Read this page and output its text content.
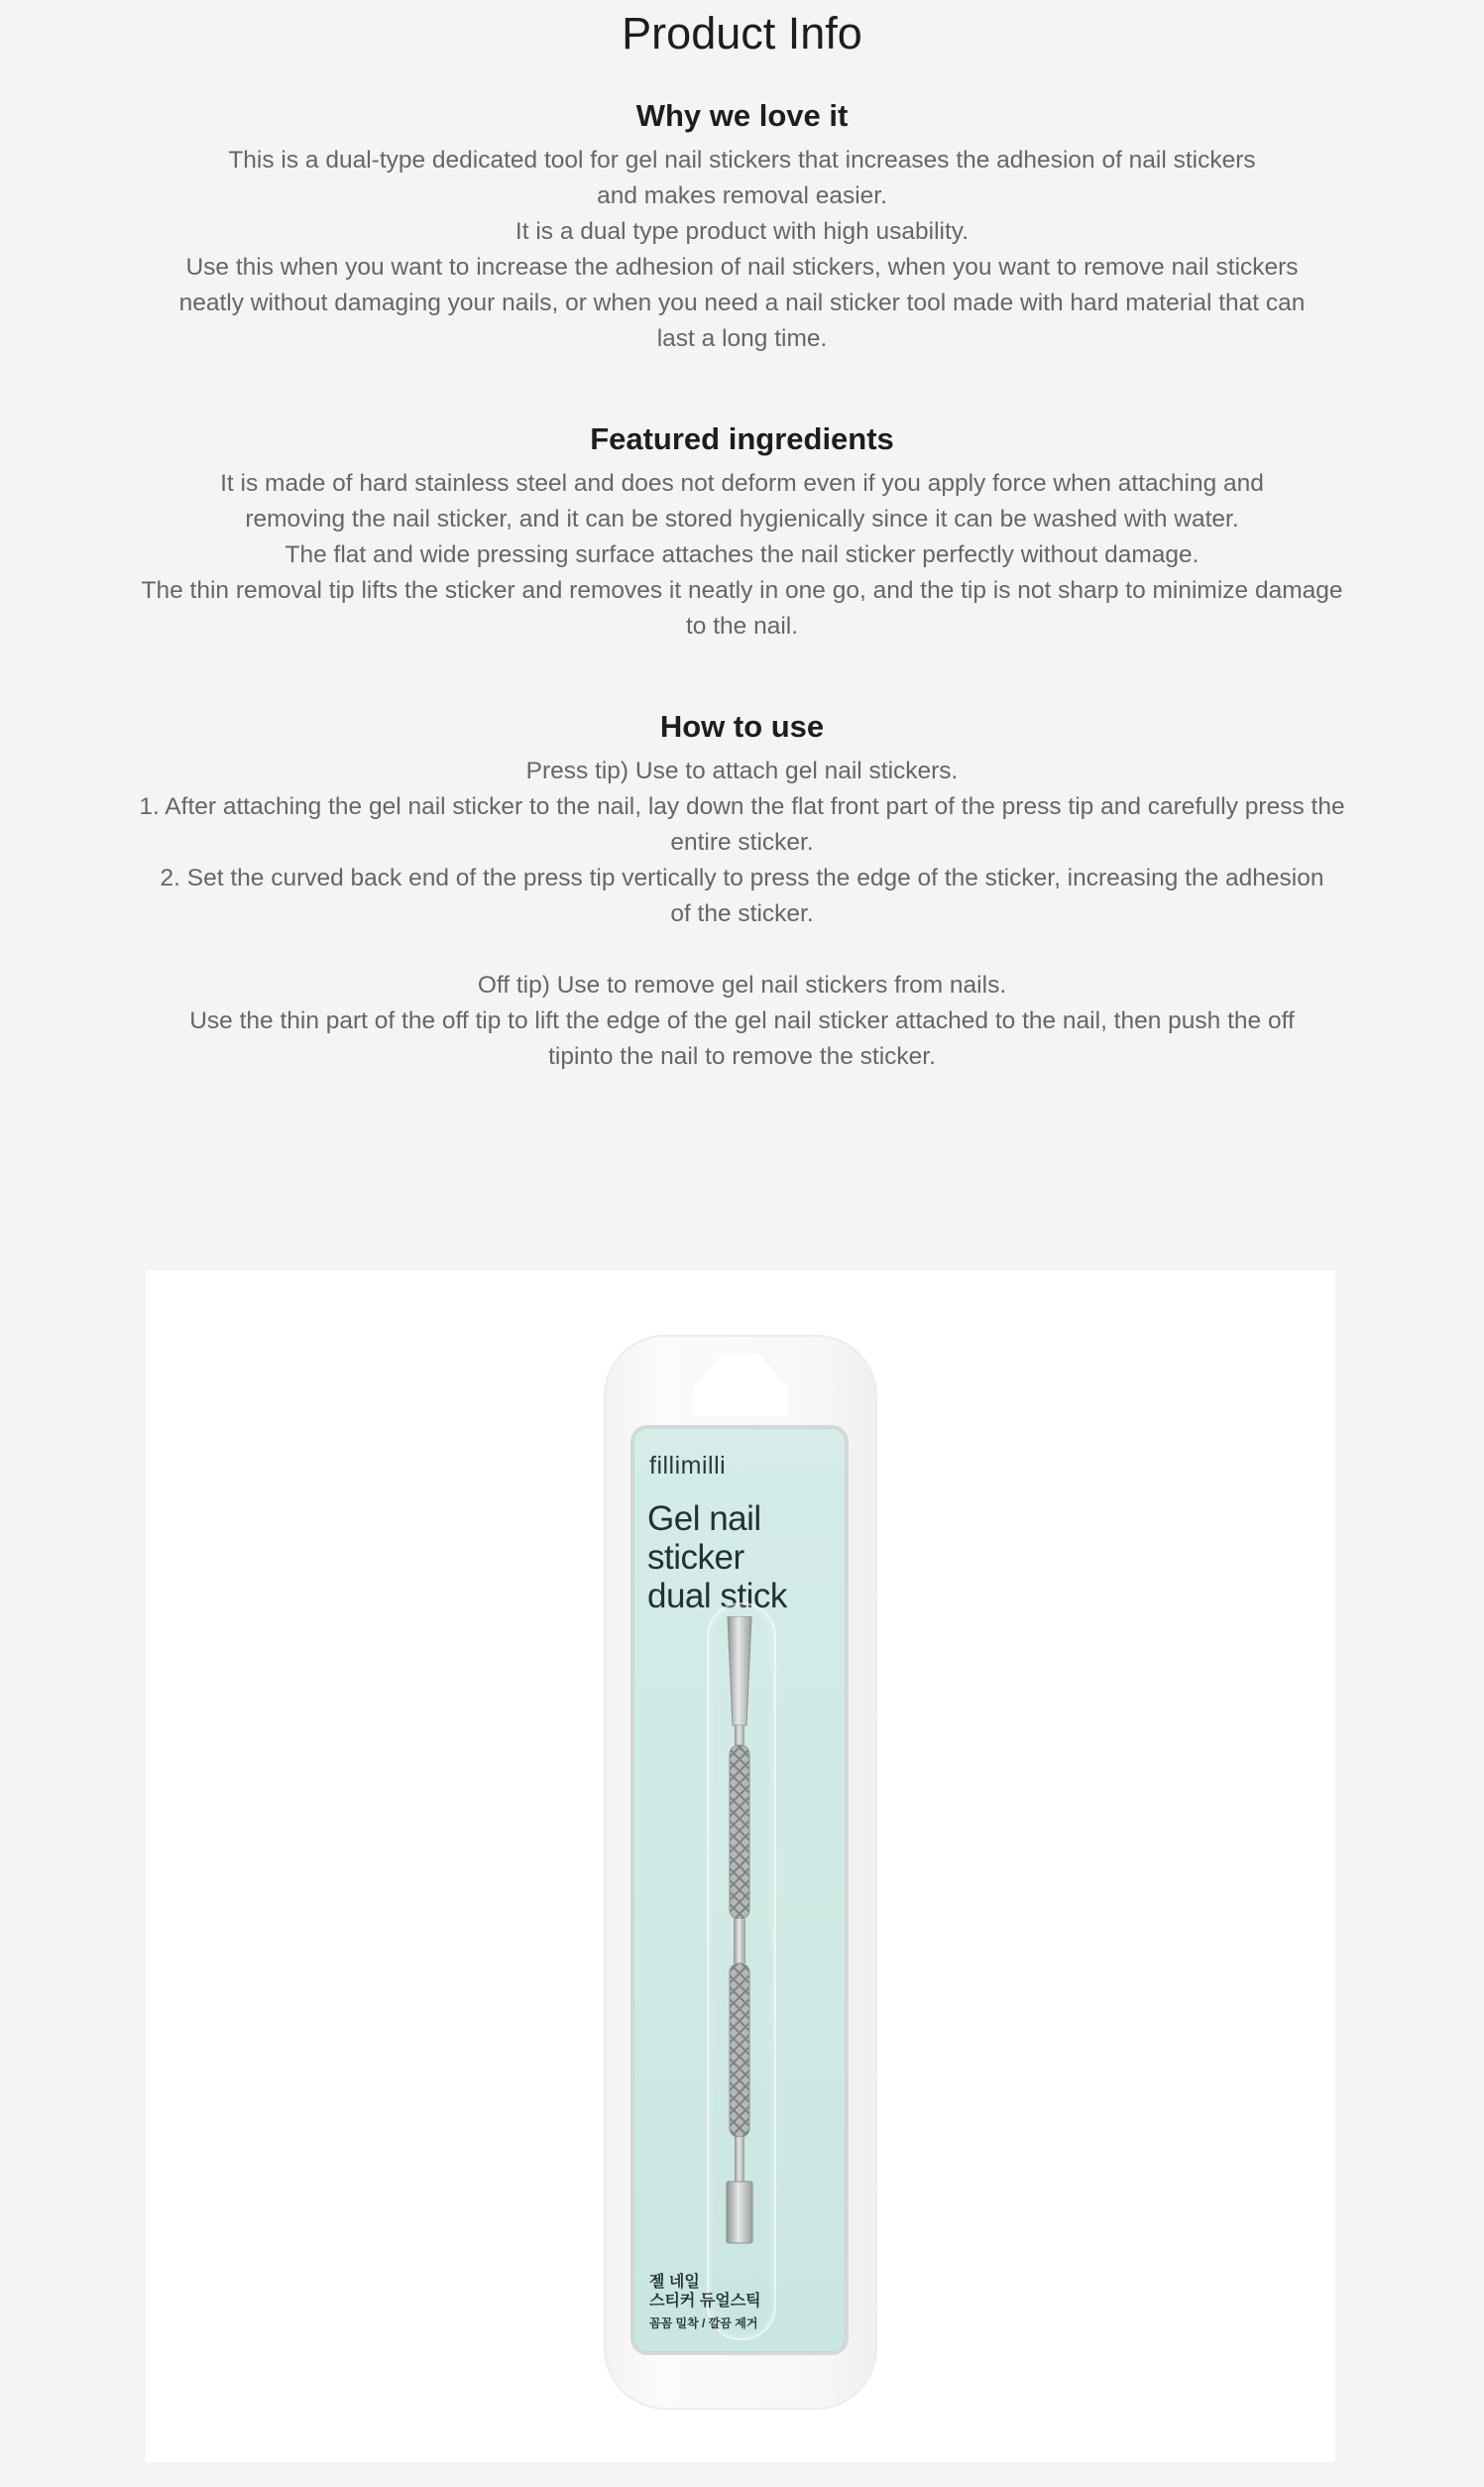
Product Info
Why we love it
This is a dual-type dedicated tool for gel nail stickers that increases the adhesion of nail stickers and makes removal easier.
It is a dual type product with high usability.
Use this when you want to increase the adhesion of nail stickers, when you want to remove nail stickers neatly without damaging your nails, or when you need a nail sticker tool made with hard material that can last a long time.
Featured ingredients
It is made of hard stainless steel and does not deform even if you apply force when attaching and removing the nail sticker, and it can be stored hygienically since it can be washed with water.
The flat and wide pressing surface attaches the nail sticker perfectly without damage.
The thin removal tip lifts the sticker and removes it neatly in one go, and the tip is not sharp to minimize damage to the nail.
How to use
Press tip) Use to attach gel nail stickers.
1. After attaching the gel nail sticker to the nail, lay down the flat front part of the press tip and carefully press the entire sticker.
2. Set the curved back end of the press tip vertically to press the edge of the sticker, increasing the adhesion of the sticker.
Off tip) Use to remove gel nail stickers from nails.
Use the thin part of the off tip to lift the edge of the gel nail sticker attached to the nail, then push the off tipinto the nail to remove the sticker.
fillimilli
Gel nail
sticker
dual stick
젤 네일
스티커 듀얼스틱
꼼꼼 밀착 / 깔끔 제거
